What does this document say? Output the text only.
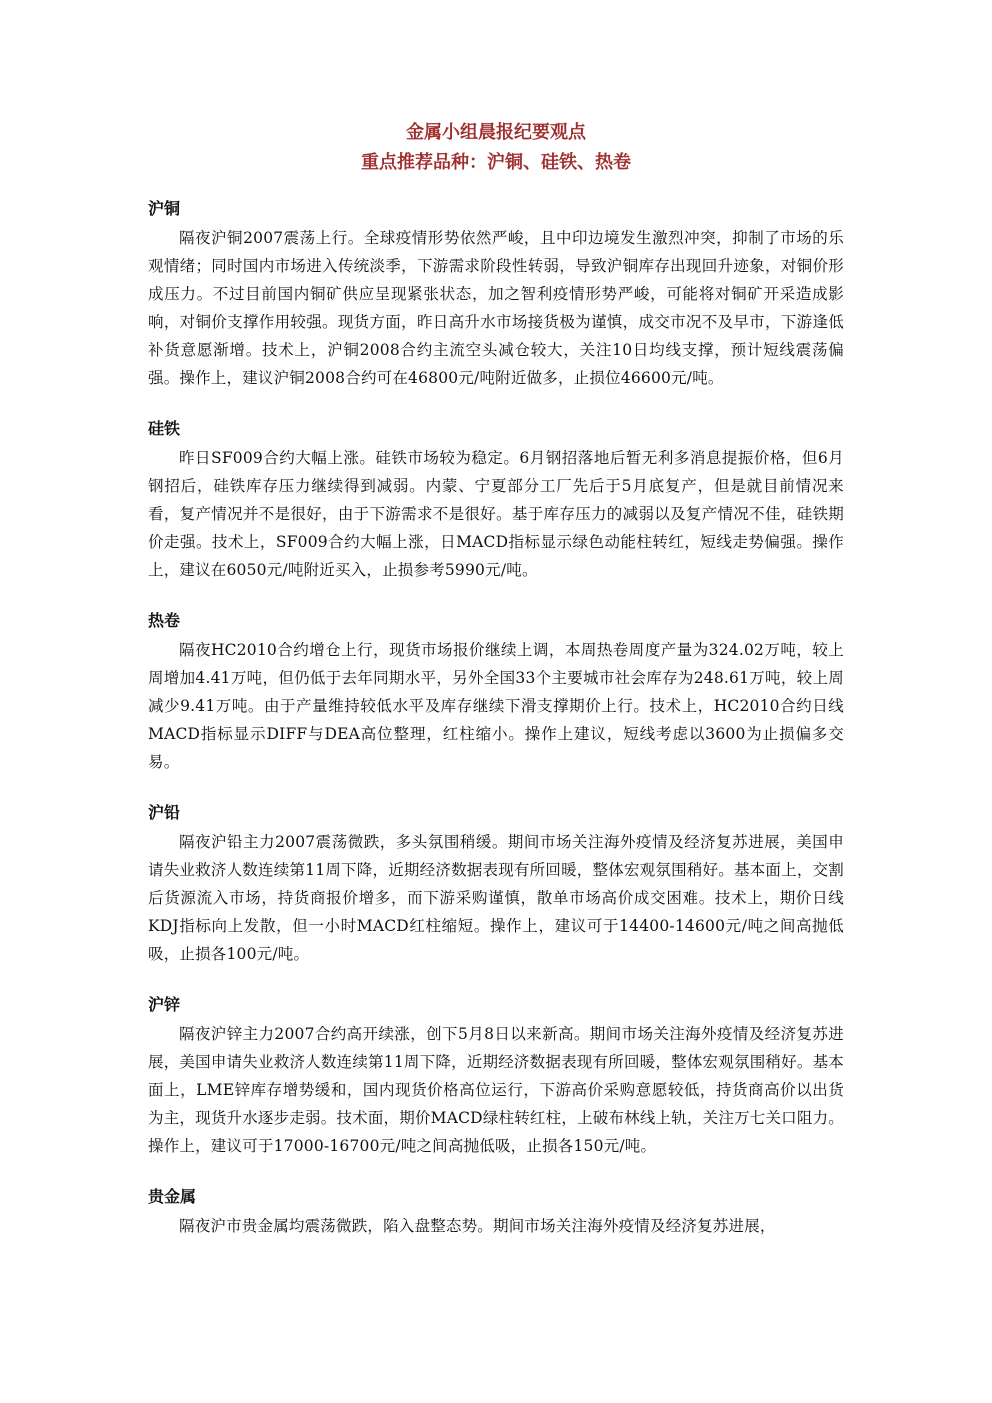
金属小组晨报纪要观点
重点推荐品种：沪铜、硅铁、热卷
沪铜

隔夜沪铜2007震荡上行。全球疫情形势依然严峻，且中印边境发生激烈冲突，抑制了市场的乐观情绪；同时国内市场进入传统淡季，下游需求阶段性转弱，导致沪铜库存出现回升迹象，对铜价形成压力。不过目前国内铜矿供应呈现紧张状态，加之智利疫情形势严峻，可能将对铜矿开采造成影响，对铜价支撑作用较强。现货方面，昨日高升水市场接货极为谨慎，成交市况不及早市，下游逢低补货意愿渐增。技术上，沪铜2008合约主流空头减仓较大，关注10日均线支撑，预计短线震荡偏强。操作上，建议沪铜2008合约可在46800元/吨附近做多，止损位46600元/吨。

硅铁

昨日SF009合约大幅上涨。硅铁市场较为稳定。6月钢招落地后暂无利多消息提振价格，但6月钢招后，硅铁库存压力继续得到减弱。内蒙、宁夏部分工厂先后于5月底复产，但是就目前情况来看，复产情况并不是很好，由于下游需求不是很好。基于库存压力的减弱以及复产情况不佳，硅铁期价走强。技术上，SF009合约大幅上涨，日MACD指标显示绿色动能柱转红，短线走势偏强。操作上，建议在6050元/吨附近买入，止损参考5990元/吨。

热卷

隔夜HC2010合约增仓上行，现货市场报价继续上调，本周热卷周度产量为324.02万吨，较上周增加4.41万吨，但仍低于去年同期水平，另外全国33个主要城市社会库存为248.61万吨，较上周减少9.41万吨。由于产量维持较低水平及库存继续下滑支撑期价上行。技术上，HC2010合约日线MACD指标显示DIFF与DEA高位整理，红柱缩小。操作上建议，短线考虑以3600为止损偏多交易。

沪铅

隔夜沪铅主力2007震荡微跌，多头氛围稍缓。期间市场关注海外疫情及经济复苏进展，美国申请失业救济人数连续第11周下降，近期经济数据表现有所回暖，整体宏观氛围稍好。基本面上，交割后货源流入市场，持货商报价增多，而下游采购谨慎，散单市场高价成交困难。技术上，期价日线KDJ指标向上发散，但一小时MACD红柱缩短。操作上，建议可于14400-14600元/吨之间高抛低吸，止损各100元/吨。

沪锌

隔夜沪锌主力2007合约高开续涨，创下5月8日以来新高。期间市场关注海外疫情及经济复苏进展，美国申请失业救济人数连续第11周下降，近期经济数据表现有所回暖，整体宏观氛围稍好。基本面上，LME锌库存增势缓和，国内现货价格高位运行，下游高价采购意愿较低，持货商高价以出货为主，现货升水逐步走弱。技术面，期价MACD绿柱转红柱，上破布林线上轨，关注万七关口阻力。操作上，建议可于17000-16700元/吨之间高抛低吸，止损各150元/吨。

贵金属

隔夜沪市贵金属均震荡微跌，陷入盘整态势。期间市场关注海外疫情及经济复苏进展，
